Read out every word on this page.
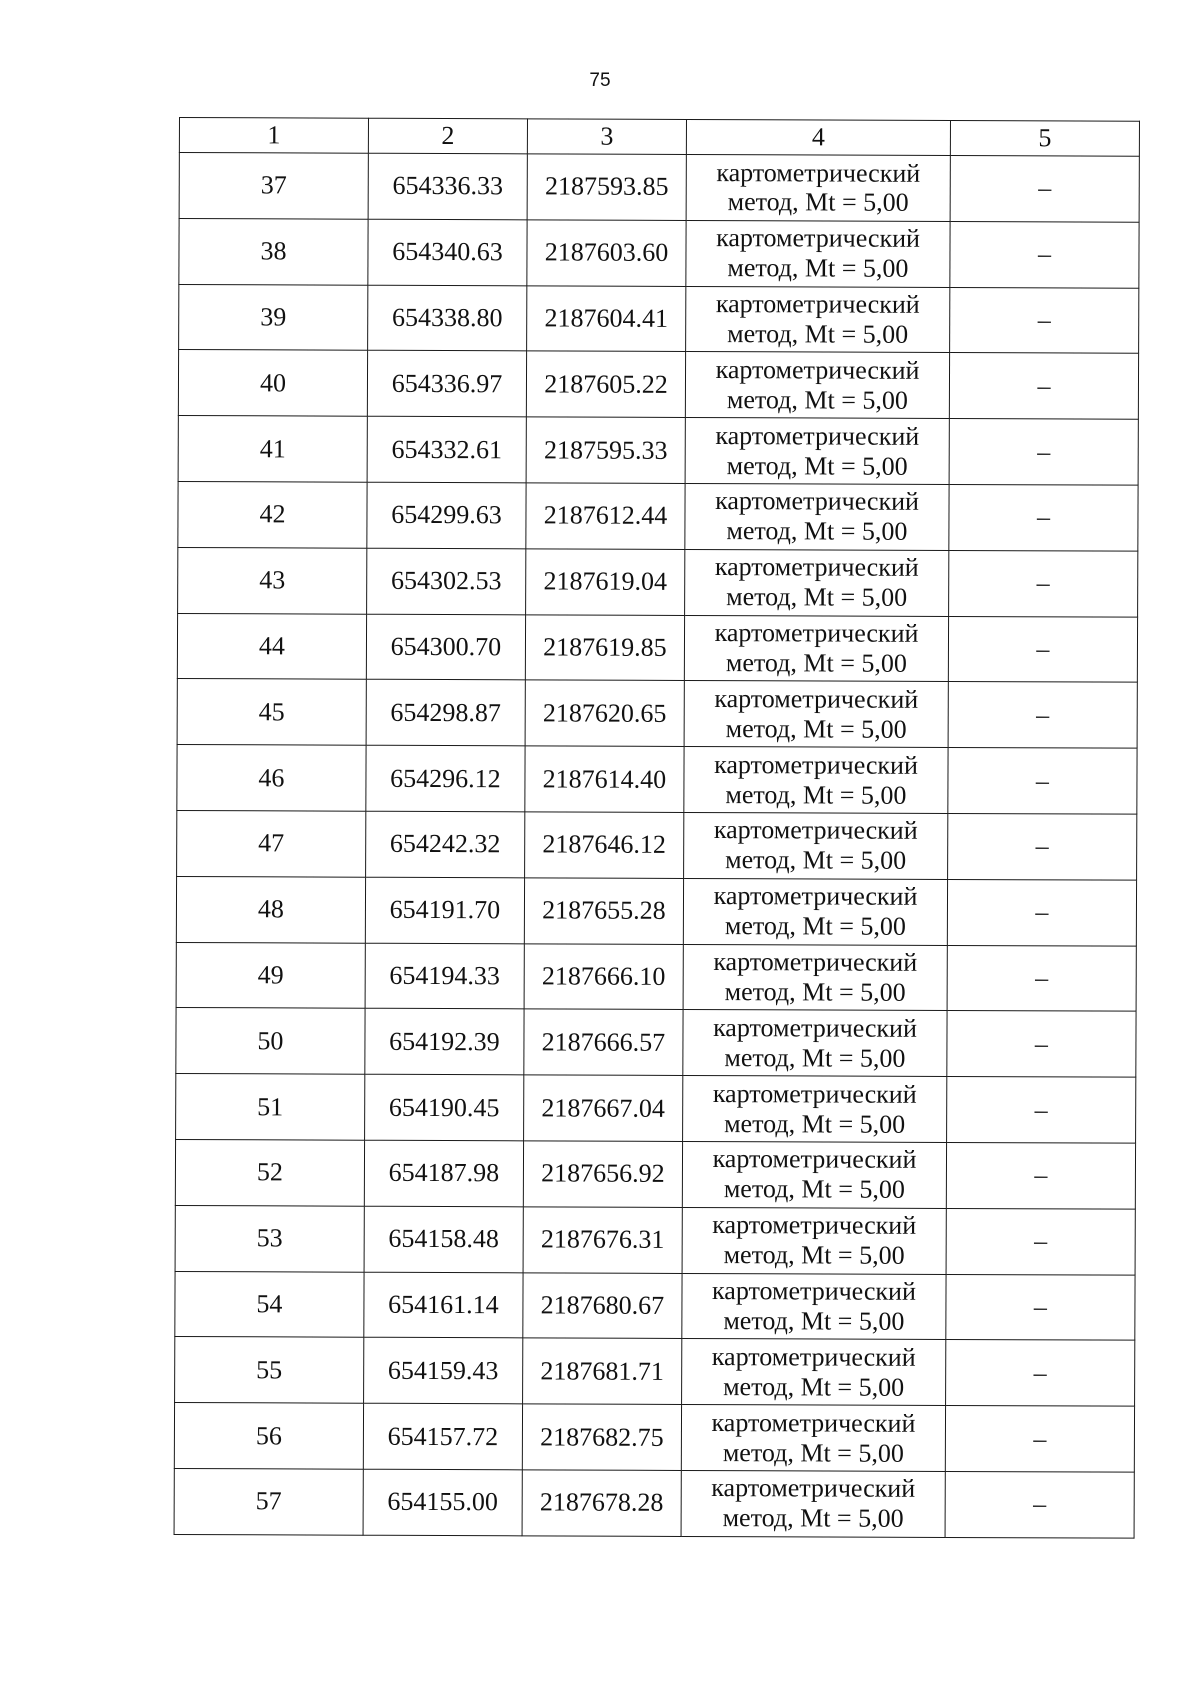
75
1	2	3	4	5
37	654336.33	2187593.85	картометрический
метод, Mt = 5,00	–
38	654340.63	2187603.60	картометрический
метод, Mt = 5,00	–
39	654338.80	2187604.41	картометрический
метод, Mt = 5,00	–
40	654336.97	2187605.22	картометрический
метод, Mt = 5,00	–
41	654332.61	2187595.33	картометрический
метод, Mt = 5,00	–
42	654299.63	2187612.44	картометрический
метод, Mt = 5,00	–
43	654302.53	2187619.04	картометрический
метод, Mt = 5,00	–
44	654300.70	2187619.85	картометрический
метод, Mt = 5,00	–
45	654298.87	2187620.65	картометрический
метод, Mt = 5,00	–
46	654296.12	2187614.40	картометрический
метод, Mt = 5,00	–
47	654242.32	2187646.12	картометрический
метод, Mt = 5,00	–
48	654191.70	2187655.28	картометрический
метод, Mt = 5,00	–
49	654194.33	2187666.10	картометрический
метод, Mt = 5,00	–
50	654192.39	2187666.57	картометрический
метод, Mt = 5,00	–
51	654190.45	2187667.04	картометрический
метод, Mt = 5,00	–
52	654187.98	2187656.92	картометрический
метод, Mt = 5,00	–
53	654158.48	2187676.31	картометрический
метод, Mt = 5,00	–
54	654161.14	2187680.67	картометрический
метод, Mt = 5,00	–
55	654159.43	2187681.71	картометрический
метод, Mt = 5,00	–
56	654157.72	2187682.75	картометрический
метод, Mt = 5,00	–
57	654155.00	2187678.28	картометрический
метод, Mt = 5,00	–
